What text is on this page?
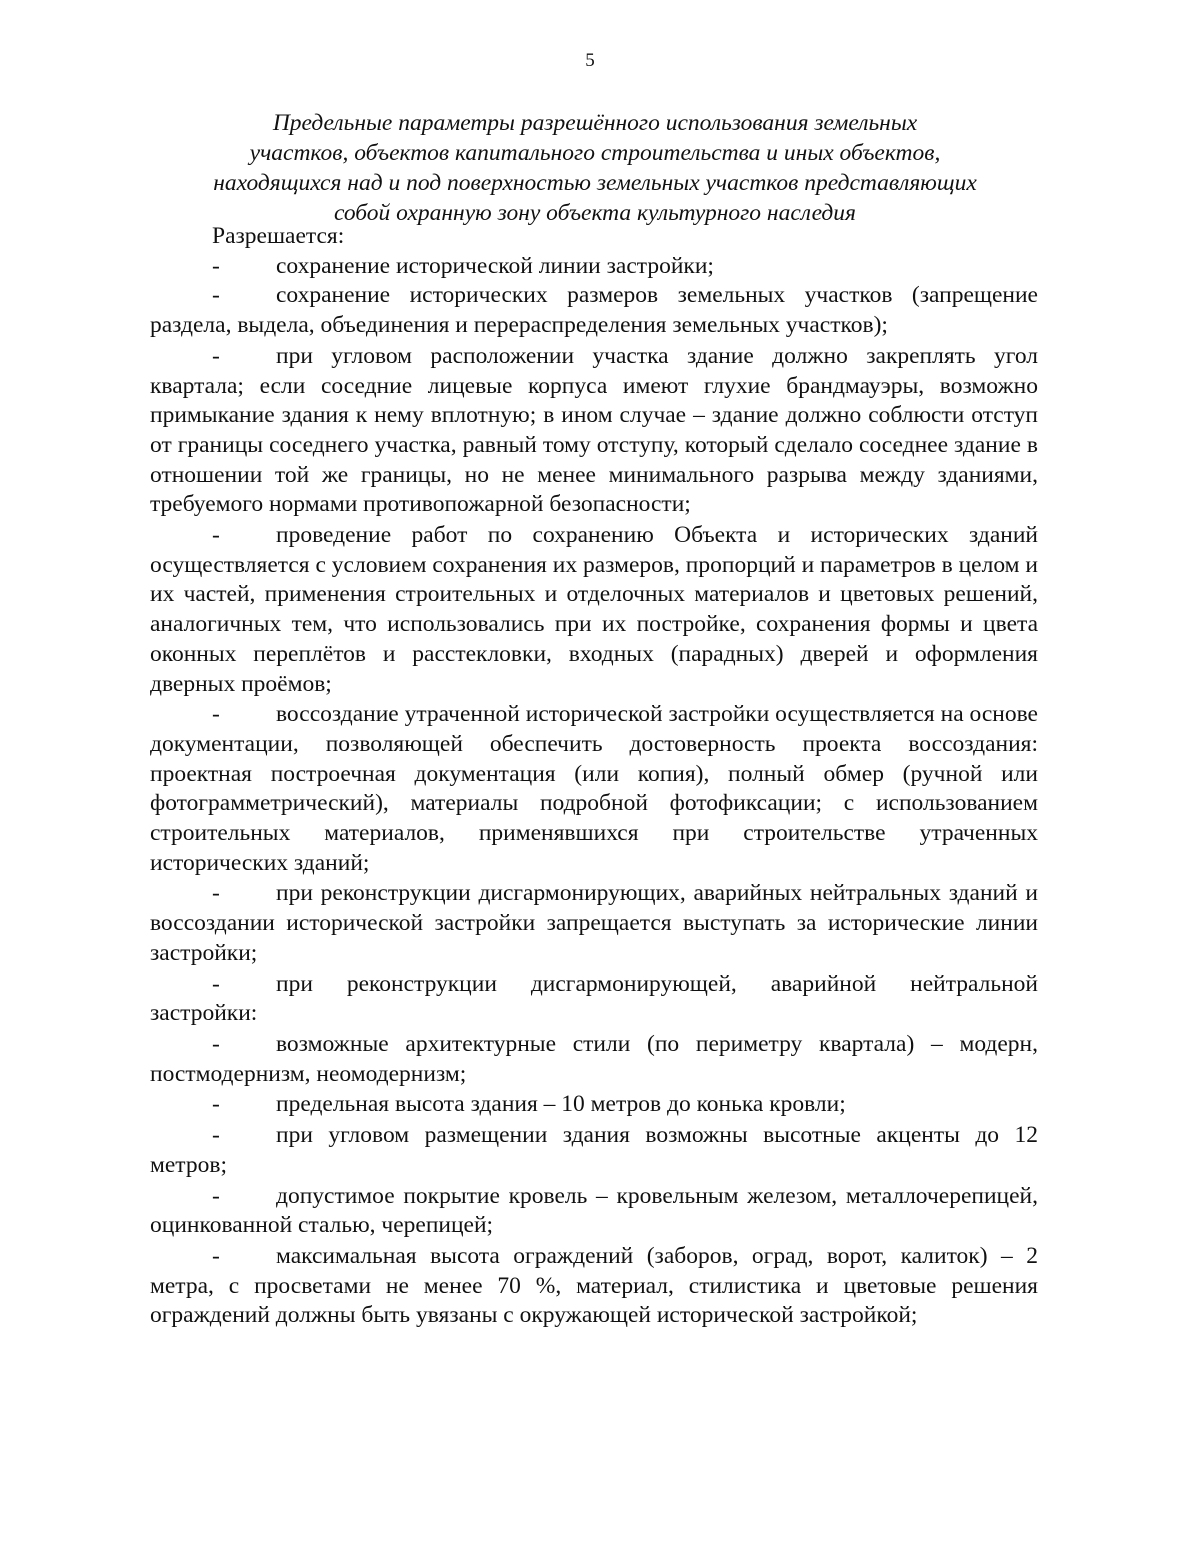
5
Предельные параметры разрешённого использования земельных
участков, объектов капитального строительства и иных объектов,
находящихся над и под поверхностью земельных участков представляющих
собой охранную зону объекта культурного наследия

Разрешается:

- сохранение исторической линии застройки;

- сохранение исторических размеров земельных участков (запрещение раздела, выдела, объединения и перераспределения земельных участков);

- при угловом расположении участка здание должно закреплять угол квартала; если соседние лицевые корпуса имеют глухие брандмауэры, возможно примыкание здания к нему вплотную; в ином случае – здание должно соблюсти отступ от границы соседнего участка, равный тому отступу, который сделало соседнее здание в отношении той же границы, но не менее минимального разрыва между зданиями, требуемого нормами противопожарной безопасности;

- проведение работ по сохранению Объекта и исторических зданий осуществляется с условием сохранения их размеров, пропорций и параметров в целом и их частей, применения строительных и отделочных материалов и цветовых решений, аналогичных тем, что использовались при их постройке, сохранения формы и цвета оконных переплётов и расстекловки, входных (парадных) дверей и оформления дверных проёмов;

- воссоздание утраченной исторической застройки осуществляется на основе документации, позволяющей обеспечить достоверность проекта воссоздания: проектная построечная документация (или копия), полный обмер (ручной или фотограмметрический), материалы подробной фотофиксации; с использованием строительных материалов, применявшихся при строительстве утраченных исторических зданий;

- при реконструкции дисгармонирующих, аварийных нейтральных зданий и воссоздании исторической застройки запрещается выступать за исторические линии застройки;

- при реконструкции дисгармонирующей, аварийной нейтральной застройки:

- возможные архитектурные стили (по периметру квартала) – модерн, постмодернизм, неомодернизм;

- предельная высота здания – 10 метров до конька кровли;

- при угловом размещении здания возможны высотные акценты до 12 метров;

- допустимое покрытие кровель – кровельным железом, металлочерепицей, оцинкованной сталью, черепицей;

- максимальная высота ограждений (заборов, оград, ворот, калиток) – 2 метра, с просветами не менее 70 %, материал, стилистика и цветовые решения ограждений должны быть увязаны с окружающей исторической застройкой;
